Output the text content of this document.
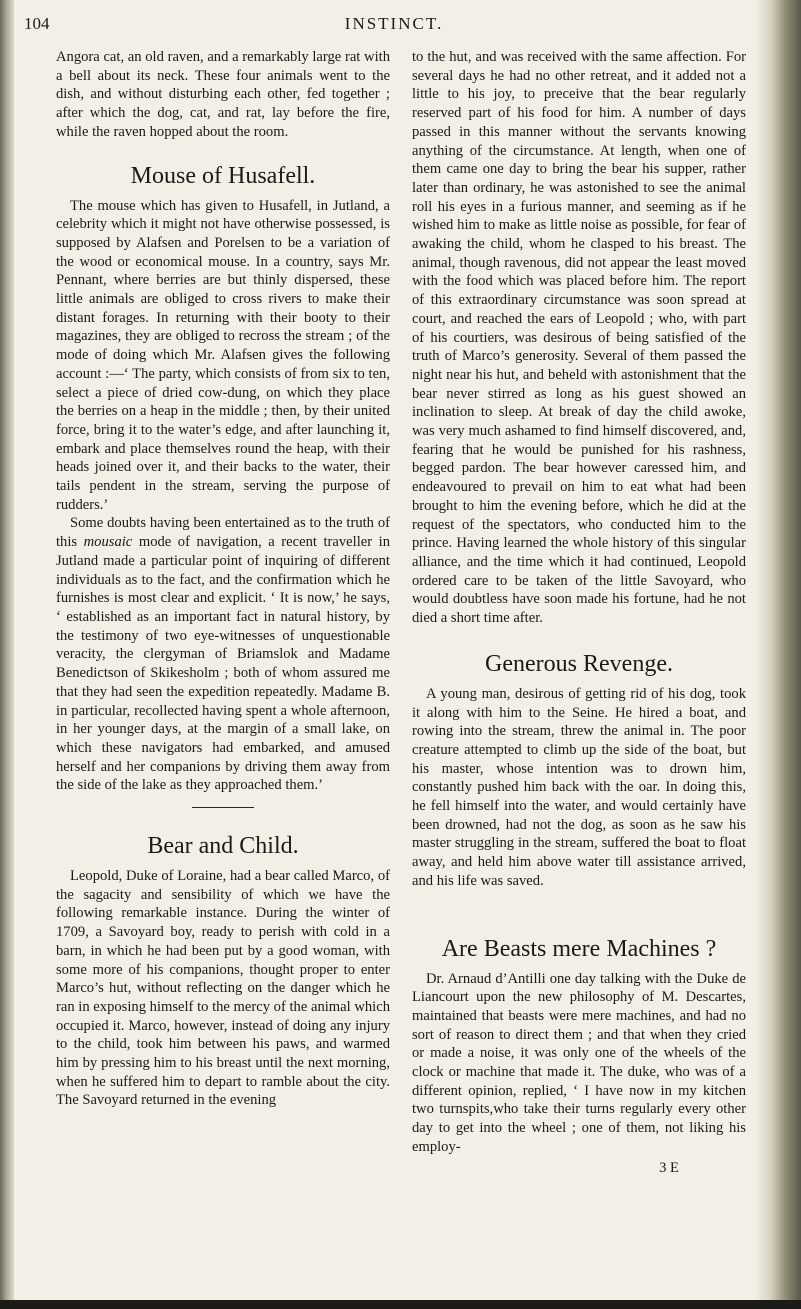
104	INSTINCT.

Angora cat, an old raven, and a remarkably large rat with a bell about its neck. These four animals went to the dish, and without disturbing each other, fed together ; after which the dog, cat, and rat, lay before the fire, while the raven hopped about the room.

Mouse of Husafell.

The mouse which has given to Husafell, in Jutland, a celebrity which it might not have otherwise possessed, is supposed by Alafsen and Porelsen to be a variation of the wood or economical mouse. In a country, says Mr. Pennant, where berries are but thinly dispersed, these little animals are obliged to cross rivers to make their distant forages. In returning with their booty to their magazines, they are obliged to recross the stream ; of the mode of doing which Mr. Alafsen gives the following account :—‘ The party, which consists of from six to ten, select a piece of dried cow-dung, on which they place the berries on a heap in the middle ; then, by their united force, bring it to the water’s edge, and after launching it, embark and place themselves round the heap, with their heads joined over it, and their backs to the water, their tails pendent in the stream, serving the purpose of rudders.’

Some doubts having been entertained as to the truth of this mousaic mode of navigation, a recent traveller in Jutland made a particular point of inquiring of different individuals as to the fact, and the confirmation which he furnishes is most clear and explicit. ‘ It is now,’ he says, ‘ established as an important fact in natural history, by the testimony of two eye-witnesses of unquestionable veracity, the clergyman of Briamslok and Madame Benedictson of Skikesholm ; both of whom assured me that they had seen the expedition repeatedly. Madame B. in particular, recollected having spent a whole afternoon, in her younger days, at the margin of a small lake, on which these navigators had embarked, and amused herself and her companions by driving them away from the side of the lake as they approached them.’

Bear and Child.

Leopold, Duke of Loraine, had a bear called Marco, of the sagacity and sensibility of which we have the following remarkable instance. During the winter of 1709, a Savoyard boy, ready to perish with cold in a barn, in which he had been put by a good woman, with some more of his companions, thought proper to enter Marco’s hut, without reflecting on the danger which he ran in exposing himself to the mercy of the animal which occupied it. Marco, however, instead of doing any injury to the child, took him between his paws, and warmed him by pressing him to his breast until the next morning, when he suffered him to depart to ramble about the city. The Savoyard returned in the evening

to the hut, and was received with the same affection. For several days he had no other retreat, and it added not a little to his joy, to preceive that the bear regularly reserved part of his food for him. A number of days passed in this manner without the servants knowing anything of the circumstance. At length, when one of them came one day to bring the bear his supper, rather later than ordinary, he was astonished to see the animal roll his eyes in a furious manner, and seeming as if he wished him to make as little noise as possible, for fear of awaking the child, whom he clasped to his breast. The animal, though ravenous, did not appear the least moved with the food which was placed before him. The report of this extraordinary circumstance was soon spread at court, and reached the ears of Leopold ; who, with part of his courtiers, was desirous of being satisfied of the truth of Marco’s generosity. Several of them passed the night near his hut, and beheld with astonishment that the bear never stirred as long as his guest showed an inclination to sleep. At break of day the child awoke, was very much ashamed to find himself discovered, and, fearing that he would be punished for his rashness, begged pardon. The bear however caressed him, and endeavoured to prevail on him to eat what had been brought to him the evening before, which he did at the request of the spectators, who conducted him to the prince. Having learned the whole history of this singular alliance, and the time which it had continued, Leopold ordered care to be taken of the little Savoyard, who would doubtless have soon made his fortune, had he not died a short time after.

Generous Revenge.

A young man, desirous of getting rid of his dog, took it along with him to the Seine. He hired a boat, and rowing into the stream, threw the animal in. The poor creature attempted to climb up the side of the boat, but his master, whose intention was to drown him, constantly pushed him back with the oar. In doing this, he fell himself into the water, and would certainly have been drowned, had not the dog, as soon as he saw his master struggling in the stream, suffered the boat to float away, and held him above water till assistance arrived, and his life was saved.

Are Beasts mere Machines ?

Dr. Arnaud d’Antilli one day talking with the Duke de Liancourt upon the new philosophy of M. Descartes, maintained that beasts were mere machines, and had no sort of reason to direct them ; and that when they cried or made a noise, it was only one of the wheels of the clock or machine that made it. The duke, who was of a different opinion, replied, ‘ I have now in my kitchen two turnspits,who take their turns regularly every other day to get into the wheel ; one of them, not liking his employ-

3 E
